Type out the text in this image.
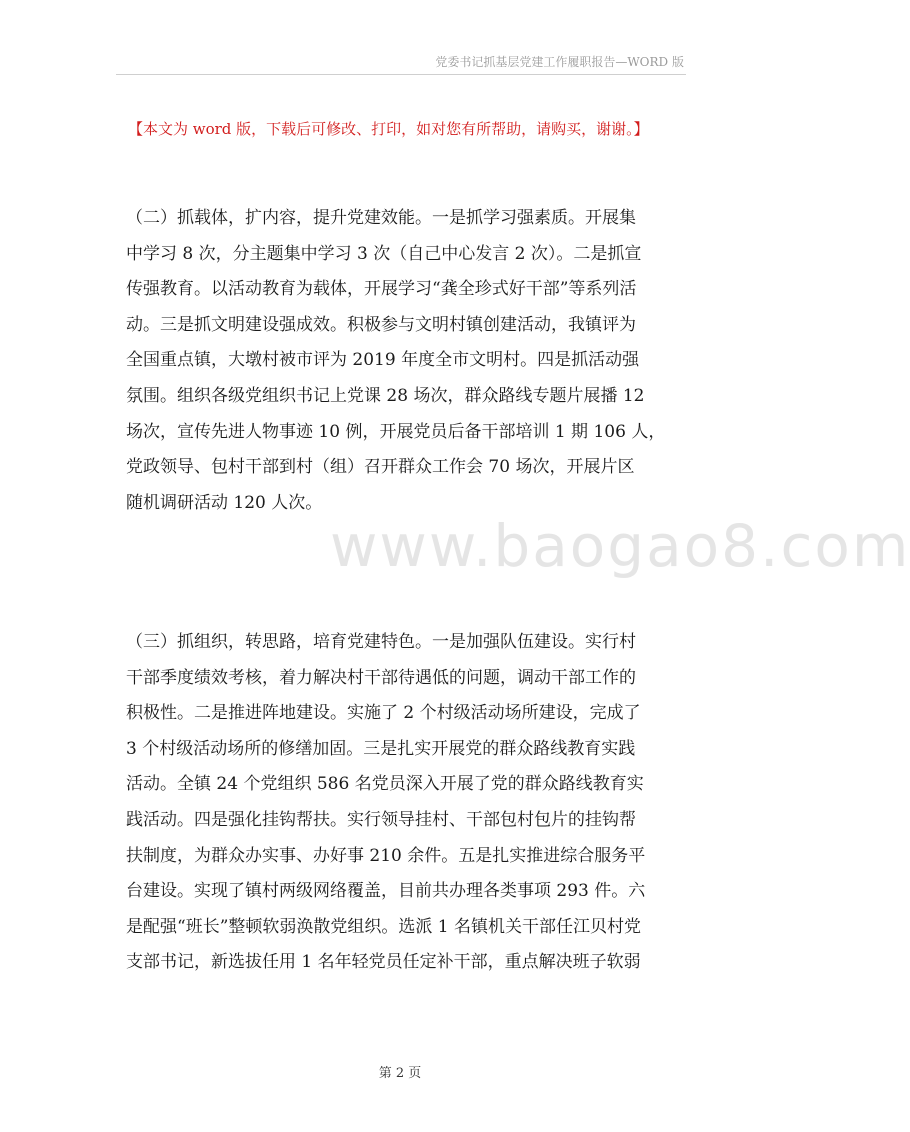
党委书记抓基层党建工作履职报告—WORD 版
【本文为 word 版，下载后可修改、打印，如对您有所帮助，请购买，谢谢。】
（二）抓载体，扩内容，提升党建效能。一是抓学习强素质。开展集
中学习 8 次，分主题集中学习 3 次（自己中心发言 2 次）。二是抓宣
传强教育。以活动教育为载体，开展学习“龚全珍式好干部”等系列活
动。三是抓文明建设强成效。积极参与文明村镇创建活动，我镇评为
全国重点镇，大墩村被市评为 2019 年度全市文明村。四是抓活动强
氛围。组织各级党组织书记上党课 28 场次，群众路线专题片展播 12
场次，宣传先进人物事迹 10 例，开展党员后备干部培训 1 期 106 人，
党政领导、包村干部到村（组）召开群众工作会 70 场次，开展片区
随机调研活动 120 人次。
www.baogao8.com
（三）抓组织，转思路，培育党建特色。一是加强队伍建设。实行村
干部季度绩效考核，着力解决村干部待遇低的问题，调动干部工作的
积极性。二是推进阵地建设。实施了 2 个村级活动场所建设，完成了
3 个村级活动场所的修缮加固。三是扎实开展党的群众路线教育实践
活动。全镇 24 个党组织 586 名党员深入开展了党的群众路线教育实
践活动。四是强化挂钩帮扶。实行领导挂村、干部包村包片的挂钩帮
扶制度，为群众办实事、办好事 210 余件。五是扎实推进综合服务平
台建设。实现了镇村两级网络覆盖，目前共办理各类事项 293 件。六
是配强“班长”整顿软弱涣散党组织。选派 1 名镇机关干部任江贝村党
支部书记，新选拔任用 1 名年轻党员任定补干部，重点解决班子软弱
第 2 页
